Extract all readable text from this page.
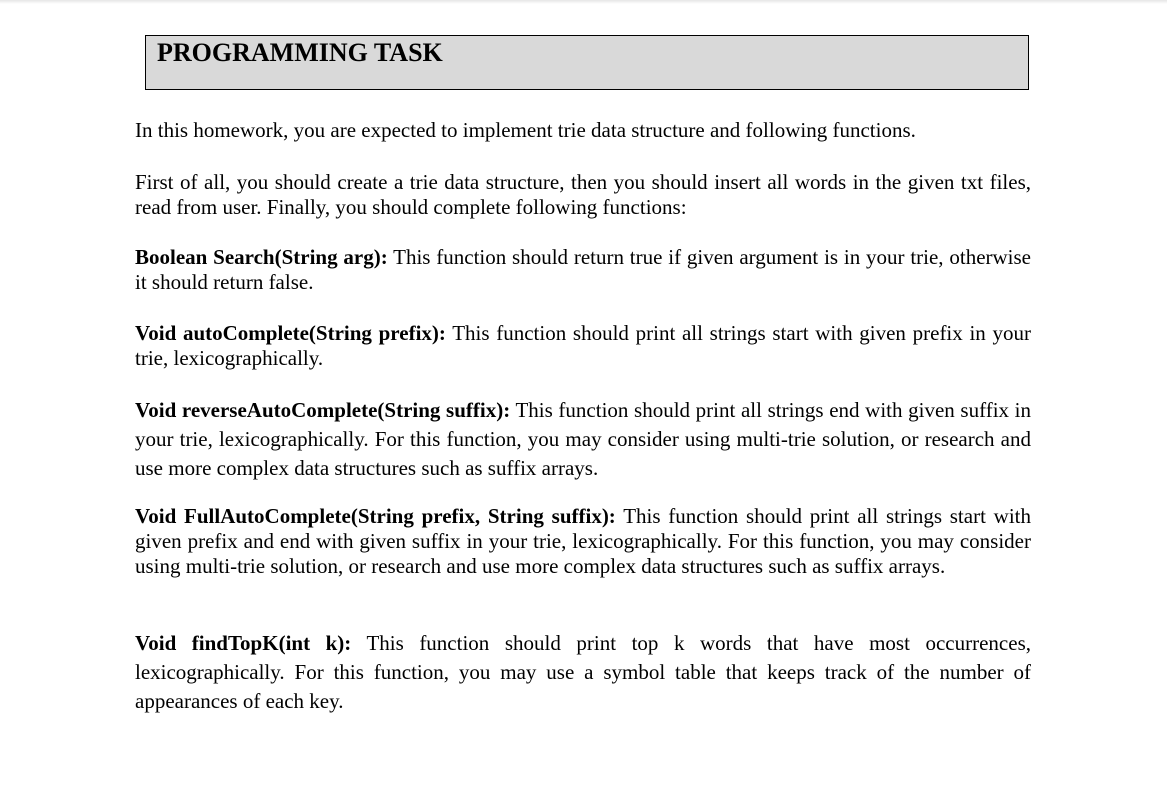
PROGRAMMING TASK

In this homework, you are expected to implement trie data structure and following functions.

First of all, you should create a trie data structure, then you should insert all words in the given txt files, read from user. Finally, you should complete following functions:

Boolean Search(String arg): This function should return true if given argument is in your trie, otherwise it should return false.

Void autoComplete(String prefix): This function should print all strings start with given prefix in your trie, lexicographically.

Void reverseAutoComplete(String suffix): This function should print all strings end with given suffix in your trie, lexicographically. For this function, you may consider using multi-trie solution, or research and use more complex data structures such as suffix arrays.

Void FullAutoComplete(String prefix, String suffix): This function should print all strings start with given prefix and end with given suffix in your trie, lexicographically. For this function, you may consider using multi-trie solution, or research and use more complex data structures such as suffix arrays.

Void findTopK(int k): This function should print top k words that have most occurrences, lexicographically. For this function, you may use a symbol table that keeps track of the number of appearances of each key.
